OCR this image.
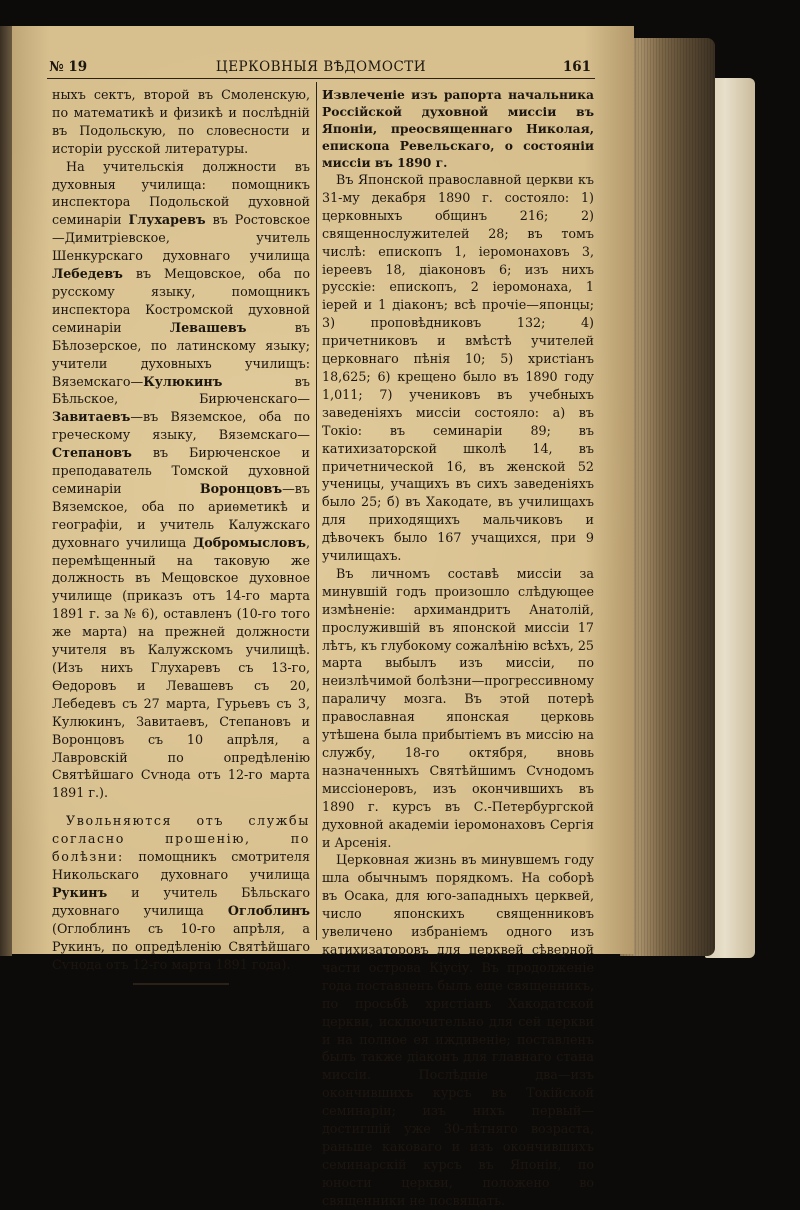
№ 19	ЦЕРКОВНЫЯ ВѢДОМОСТИ	161

ныхъ сектъ, второй въ Смоленскую, по математикѣ и физикѣ и послѣдній въ Подольскую, по словесности и исторіи русской литературы.

На учительскія должности въ духовныя училища: помощникъ инспектора Подольской духовной семинаріи Глухаревъ въ Ростовское—Димитріевское, учитель Шенкурскаго духовнаго училища Лебедевъ въ Мещовское, оба по русскому языку, помощникъ инспектора Костромской духовной семинаріи Левашевъ въ Бѣлозерское, по латинскому языку; учители духовныхъ училищъ: Вяземскаго—Кулюкинъ въ Бѣльское, Бирюченскаго—Завитаевъ—въ Вяземское, оба по греческому языку, Вяземскаго—Степановъ въ Бирюченское и преподаватель Томской духовной семинаріи Воронцовъ—въ Вяземское, оба по ариѳметикѣ и географіи, и учитель Калужскаго духовнаго училища Добромысловъ, перемѣщенный на таковую же должность въ Мещовское духовное училище (приказъ отъ 14-го марта 1891 г. за № 6), оставленъ (10-го того же марта) на прежней должности учителя въ Калужскомъ училищѣ. (Изъ нихъ Глухаревъ съ 13-го, Ѳедоровъ и Левашевъ съ 20, Лебедевъ съ 27 марта, Гурьевъ съ 3, Кулюкинъ, Завитаевъ, Степановъ и Воронцовъ съ 10 апрѣля, а Лавровскій по опредѣленію Святѣйшаго Сѵнода отъ 12-го марта 1891 г.).

Увольняются отъ службы согласно прошенію, по болѣзни: помощникъ смотрителя Никольскаго духовнаго училища Рукинъ и учитель Бѣльскаго духовнаго училища Оглоблинъ (Оглоблинъ съ 10-го апрѣля, а Рукинъ, по опредѣленію Святѣйшаго Сѵнода отъ 12-го марта 1891 года).

Извлеченіе изъ рапорта начальника Россійской духовной миссіи въ Японіи, преосвященнаго Николая, епископа Ревельскаго, о состояніи миссіи въ 1890 г.

Въ Японской православной церкви къ 31-му декабря 1890 г. состояло: 1) церковныхъ общинъ 216; 2) священнослужителей 28; въ томъ числѣ: епископъ 1, іеромонаховъ 3, іереевъ 18, діаконовъ 6; изъ нихъ русскіе: епископъ, 2 іеромонаха, 1 іерей и 1 діаконъ; всѣ прочіе—японцы; 3) проповѣдниковъ 132; 4) причетниковъ и вмѣстѣ учителей церковнаго пѣнія 10; 5) христіанъ 18,625; 6) крещено было въ 1890 году 1,011; 7) учениковъ въ учебныхъ заведеніяхъ миссіи состояло: а) въ Токіо: въ семинаріи 89; въ катихизаторской школѣ 14, въ причетнической 16, въ женской 52 ученицы, учащихъ въ сихъ заведеніяхъ было 25; б) въ Хакодате, въ училищахъ для приходящихъ мальчиковъ и дѣвочекъ было 167 учащихся, при 9 училищахъ.

Въ личномъ составѣ миссіи за минувшій годъ произошло слѣдующее измѣненіе: архимандритъ Анатолій, прослужившій въ японской миссіи 17 лѣтъ, къ глубокому сожалѣнію всѣхъ, 25 марта выбылъ изъ миссіи, по неизлѣчимой болѣзни—прогрессивному параличу мозга. Въ этой потерѣ православная японская церковь утѣшена была прибытіемъ въ миссію на службу, 18-го октября, вновь назначенныхъ Святѣйшимъ Сѵнодомъ миссіонеровъ, изъ окончившихъ въ 1890 г. курсъ въ С.-Петербургской духовной академіи іеромонаховъ Сергія и Арсенія.

Церковная жизнь въ минувшемъ году шла обычнымъ порядкомъ. На соборѣ въ Осака, для юго-западныхъ церквей, число японскихъ священниковъ увеличено избраніемъ одного изъ катихизаторовъ для церквей сѣверной части острова Кіусіу. Въ продолженіе года поставленъ былъ еще священникъ, по просьбѣ христіанъ Хакодатской церкви, исключительно для сей церкви и на полное ея иждивеніе; поставленъ былъ также діаконъ для главнаго стана миссіи. Послѣдніе два—изъ окончившихъ курсъ въ Токійской семинаріи; изъ нихъ первый—достигшій уже 30-лѣтняго возраста, раньше каковаго и изъ окончившихъ семинарскій курсъ въ Японіи, по юности церкви, положено во священники не посвящать.
